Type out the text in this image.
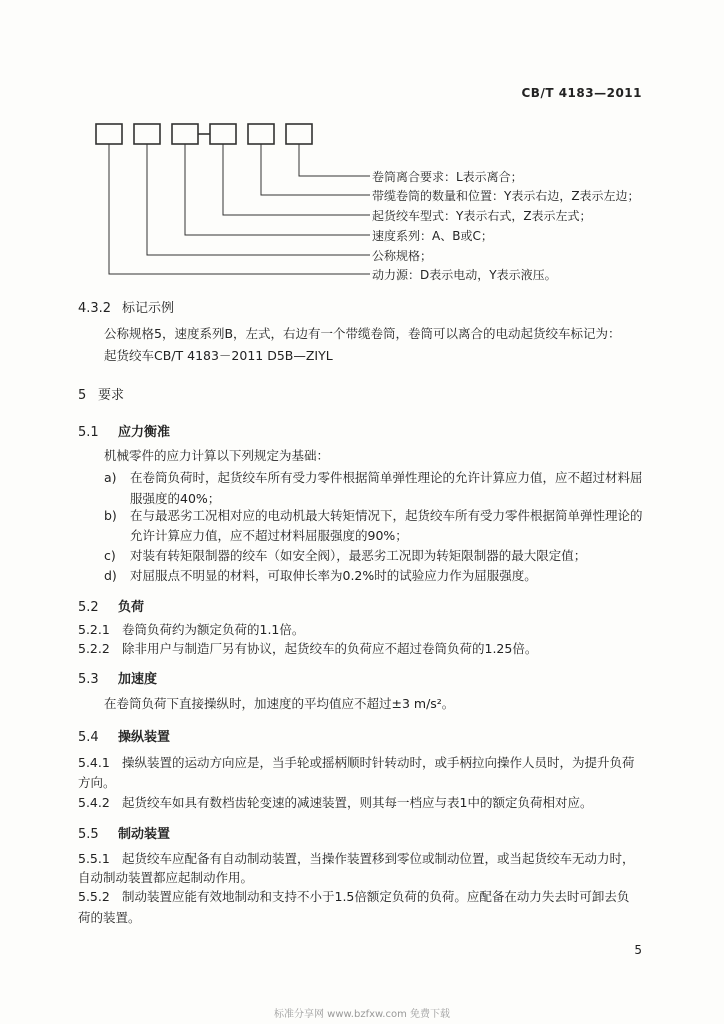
CB/T 4183—2011
卷筒离合要求：L表示离合；
带缆卷筒的数量和位置：Y表示右边，Z表示左边；
起货绞车型式：Y表示右式，Z表示左式；
速度系列：A、B或C；
公称规格；
动力源：D表示电动，Y表示液压。
4.3.2 标记示例
公称规格5，速度系列B，左式，右边有一个带缆卷筒，卷筒可以离合的电动起货绞车标记为：
起货绞车CB/T 4183－2011 D5B—ZIYL
5 要求
5.1 应力衡准
机械零件的应力计算以下列规定为基础：
a) 在卷筒负荷时，起货绞车所有受力零件根据简单弹性理论的允许计算应力值，应不超过材料屈
服强度的40%；
b) 在与最恶劣工况相对应的电动机最大转矩情况下，起货绞车所有受力零件根据简单弹性理论的
允许计算应力值，应不超过材料屈服强度的90%；
c) 对装有转矩限制器的绞车（如安全阀），最恶劣工况即为转矩限制器的最大限定值；
d) 对屈服点不明显的材料，可取伸长率为0.2%时的试验应力作为屈服强度。
5.2 负荷
5.2.1 卷筒负荷约为额定负荷的1.1倍。
5.2.2 除非用户与制造厂另有协议，起货绞车的负荷应不超过卷筒负荷的1.25倍。
5.3 加速度
在卷筒负荷下直接操纵时，加速度的平均值应不超过±3 m/s²。
5.4 操纵装置
5.4.1 操纵装置的运动方向应是，当手轮或摇柄顺时针转动时，或手柄拉向操作人员时，为提升负荷
方向。
5.4.2 起货绞车如具有数档齿轮变速的减速装置，则其每一档应与表1中的额定负荷相对应。
5.5 制动装置
5.5.1 起货绞车应配备有自动制动装置，当操作装置移到零位或制动位置，或当起货绞车无动力时，
自动制动装置都应起制动作用。
5.5.2 制动装置应能有效地制动和支持不小于1.5倍额定负荷的负荷。应配备在动力失去时可卸去负
荷的装置。
5
标准分享网 www.bzfxw.com 免费下载
